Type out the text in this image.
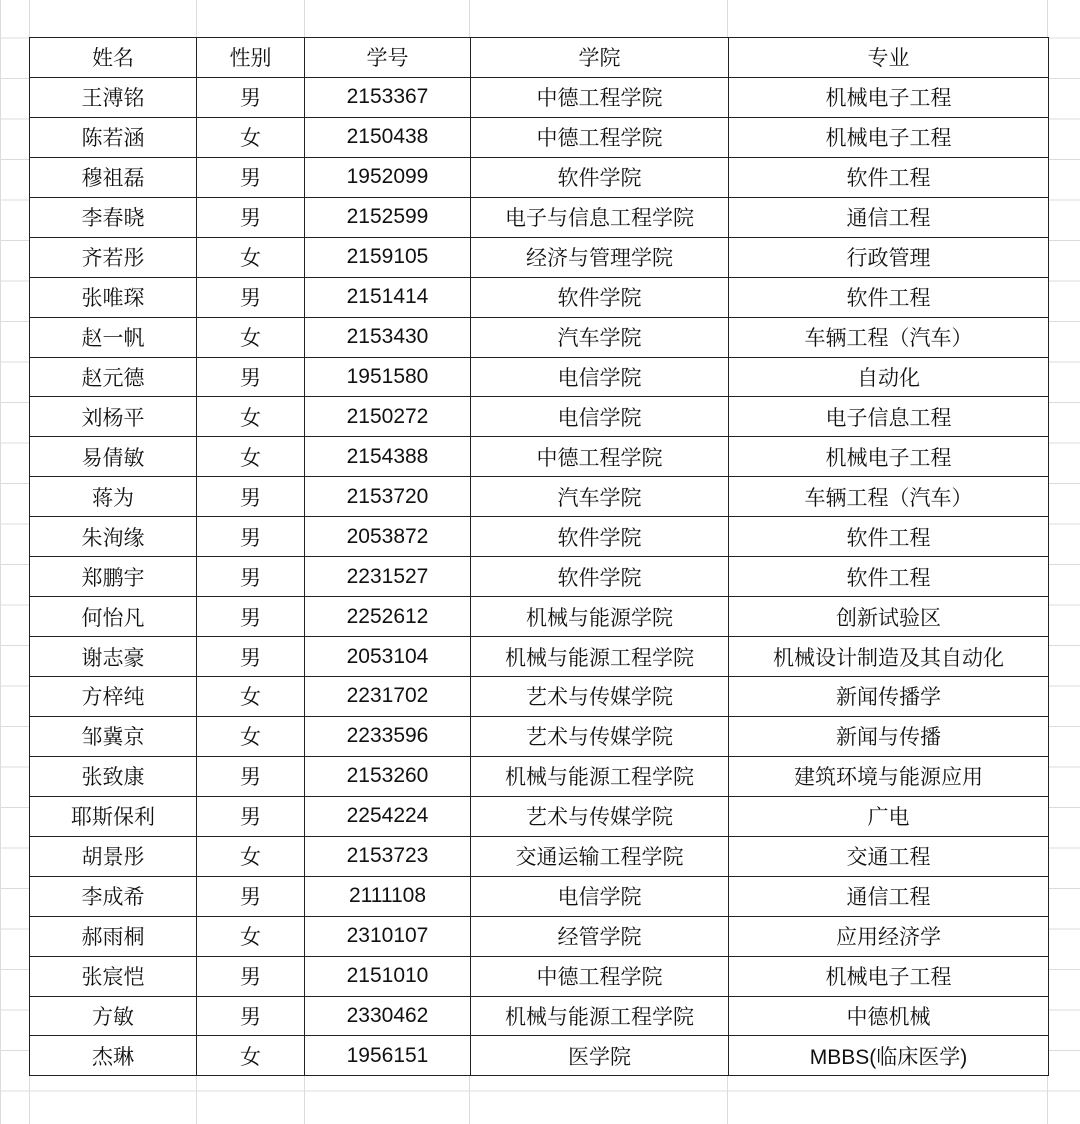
姓名	性别	学号	学院	专业
王溥铭	男	2153367	中德工程学院	机械电子工程
陈若涵	女	2150438	中德工程学院	机械电子工程
穆祖磊	男	1952099	软件学院	软件工程
李春晓	男	2152599	电子与信息工程学院	通信工程
齐若彤	女	2159105	经济与管理学院	行政管理
张唯琛	男	2151414	软件学院	软件工程
赵一帆	女	2153430	汽车学院	车辆工程（汽车）
赵元德	男	1951580	电信学院	自动化
刘杨平	女	2150272	电信学院	电子信息工程
易倩敏	女	2154388	中德工程学院	机械电子工程
蒋为	男	2153720	汽车学院	车辆工程（汽车）
朱洵缘	男	2053872	软件学院	软件工程
郑鹏宇	男	2231527	软件学院	软件工程
何怡凡	男	2252612	机械与能源学院	创新试验区
谢志豪	男	2053104	机械与能源工程学院	机械设计制造及其自动化
方梓纯	女	2231702	艺术与传媒学院	新闻传播学
邹冀京	女	2233596	艺术与传媒学院	新闻与传播
张致康	男	2153260	机械与能源工程学院	建筑环境与能源应用
耶斯保利	男	2254224	艺术与传媒学院	广电
胡景彤	女	2153723	交通运输工程学院	交通工程
李成希	男	2111108	电信学院	通信工程
郝雨桐	女	2310107	经管学院	应用经济学
张宸恺	男	2151010	中德工程学院	机械电子工程
方敏	男	2330462	机械与能源工程学院	中德机械
杰琳	女	1956151	医学院	MBBS(临床医学)
